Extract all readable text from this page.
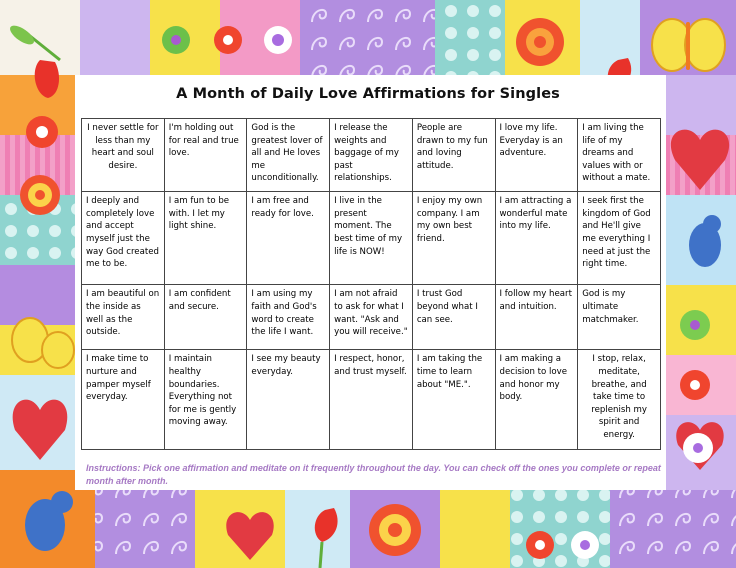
A Month of Daily Love Affirmations for Singles
I never settle for less than my heart and soul desire.	I'm holding out for real and true love.	God is the greatest lover of all and He loves me unconditionally.	I release the weights and baggage of my past relationships.	People are drawn to my fun and loving attitude.	I love my life. Everyday is an adventure.	I am living the life of my dreams and values with or without a mate.
I deeply and completely love and accept myself just the way God created me to be.	I am fun to be with. I let my light shine.	I am free and ready for love.	I live in the present moment. The best time of my life is NOW!	I enjoy my own company. I am my own best friend.	I am attracting a wonderful mate into my life.	I seek first the kingdom of God and He'll give me everything I need at just the right time.
I am beautiful on the inside as well as the outside.	I am confident and secure.	I am using my faith and God's word to create the life I want.	I am not afraid to ask for what I want. "Ask and you will receive."	I trust God beyond what I can see.	I follow my heart and intuition.	God is my ultimate matchmaker.
I make time to nurture and pamper myself everyday.	I maintain healthy boundaries. Everything not for me is gently moving away.	I see my beauty everyday.	I respect, honor, and trust myself.	I am taking the time to learn about "ME.".	I am making a decision to love and honor my body.	I stop, relax, meditate, breathe, and take time to replenish my spirit and energy.
Instructions: Pick one affirmation and meditate on it frequently throughout the day. You can check off the ones you complete or repeat month after month.
